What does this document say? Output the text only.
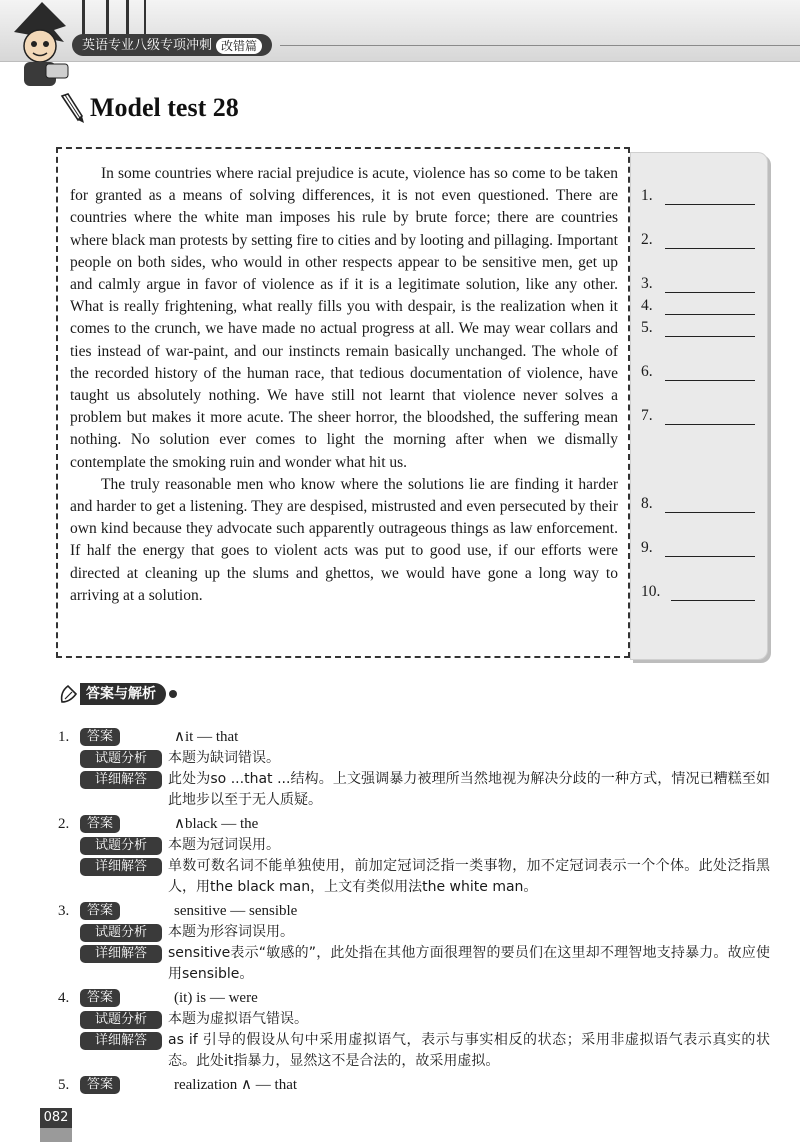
英语专业八级专项冲刺 改错篇
Model test 28

In some countries where racial prejudice is acute, violence has so come to be taken for granted as a means of solving differences, it is not even questioned. There are countries where the white man imposes his rule by brute force; there are countries where black man protests by setting fire to cities and by looting and pillaging. Important people on both sides, who would in other respects appear to be sensitive men, get up and calmly argue in favor of violence as if it is a legitimate solution, like any other. What is really frightening, what really fills you with despair, is the realization when it comes to the crunch, we have made no actual progress at all. We may wear collars and ties instead of war-paint, and our instincts remain basically unchanged. The whole of the recorded history of the human race, that tedious documentation of violence, have taught us absolutely nothing. We have still not learnt that violence never solves a problem but makes it more acute. The sheer horror, the bloodshed, the suffering mean nothing. No solution ever comes to light the morning after when we dismally contemplate the smoking ruin and wonder what hit us.

The truly reasonable men who know where the solutions lie are finding it harder and harder to get a listening. They are despised, mistrusted and even persecuted by their own kind because they advocate such apparently outrageous things as law enforcement. If half the energy that goes to violent acts was put to good use, if our efforts were directed at cleaning up the slums and ghettos, we would have gone a long way to arriving at a solution.

1.
2.
3.
4.
5.
6.
7.
8.
9.
10.
答案与解析
1.	答案	∧it — that
试题分析	本题为缺词错误。
详细解答	此处为so ...that ...结构。上文强调暴力被理所当然地视为解决分歧的一种方式，情况已糟糕至如此地步以至于无人质疑。
2.	答案	∧black — the
试题分析	本题为冠词误用。
详细解答	单数可数名词不能单独使用，前加定冠词泛指一类事物，加不定冠词表示一个个体。此处泛指黑人，用the black man，上文有类似用法the white man。
3.	答案	sensitive — sensible
试题分析	本题为形容词误用。
详细解答	sensitive表示“敏感的”，此处指在其他方面很理智的要员们在这里却不理智地支持暴力。故应使用sensible。
4.	答案	(it) is — were
试题分析	本题为虚拟语气错误。
详细解答	as if 引导的假设从句中采用虚拟语气，表示与事实相反的状态；采用非虚拟语气表示真实的状态。此处it指暴力，显然这不是合法的，故采用虚拟。
5.	答案	realization ∧ — that
082
